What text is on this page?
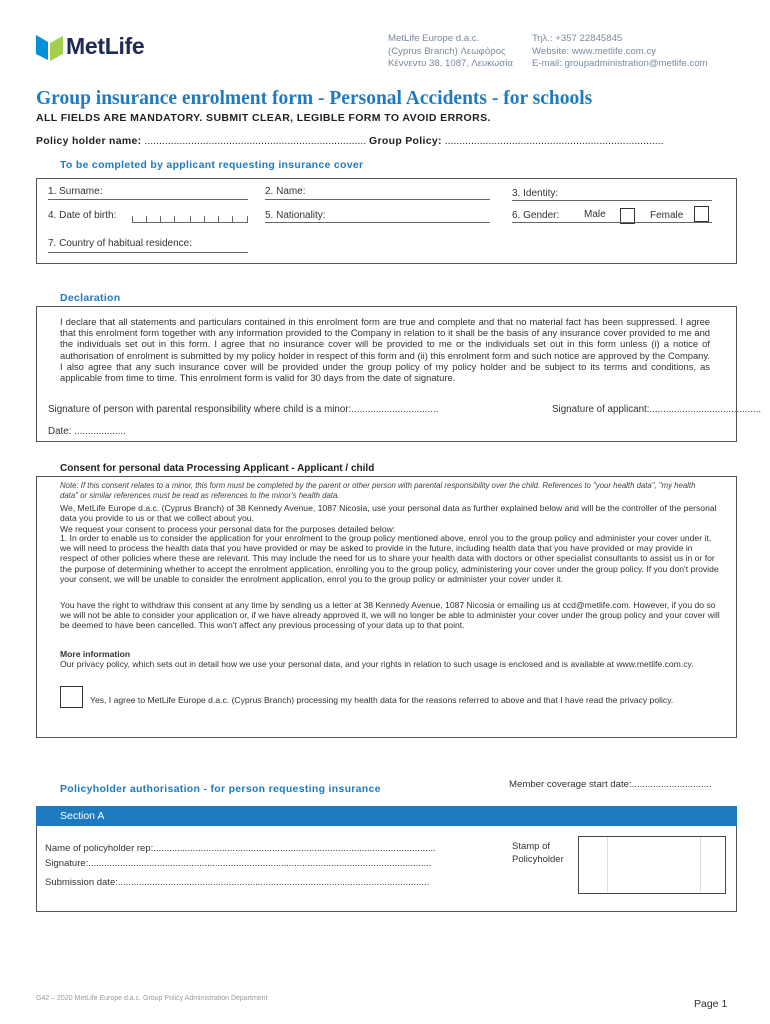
MetLife	MetLife Europe d.a.c.
(Cyprus Branch) Λεωφόρος
Κέννεντυ 38, 1087, Λευκωσία
Τηλ.: +357 22845845
Website: www.metlife.com.cy
E-mail: groupadministration@metlife.com
Group insurance enrolment form - Personal Accidents - for schools
ALL FIELDS ARE MANDATORY. SUBMIT CLEAR, LEGIBLE FORM TO AVOID ERRORS.
Policy holder name: ............................................................................ Group Policy: ...........................................................................
To be completed by applicant requesting insurance cover
1. Surname:	2. Name:	3. Identity:
4. Date of birth:	5. Nationality:	6. Gender: Male	Female
7. Country of habitual residence:
Declaration
I declare that all statements and particulars contained in this enrolment form are true and complete and that no material fact has been suppressed. I agree that this enrolment form together with any information provided to the Company in relation to it shall be the basis of any insurance cover provided to me and the individuals set out in this form. I agree that no insurance cover will be provided to me or the individuals set out in this form unless (i) a notice of authorisation of enrolment is submitted by my policy holder in respect of this form and (ii) this enrolment form and such notice are approved by the Company. I also agree that any such insurance cover will be provided under the group policy of my policy holder and be subject to its terms and conditions, as applicable from time to time. This enrolment form is valid for 30 days from the date of signature.
Signature of person with parental responsibility where child is a minor:................................	Signature of applicant:.........................................
Date: ...................
Consent for personal data Processing Applicant - Applicant / child
Note: If this consent relates to a minor, this form must be completed by the parent or other person with parental responsibility over the child. References to "your health data", "my health data" or similar references must be read as references to the minor's health data.
We, MetLife Europe d.a.c. (Cyprus Branch) of 38 Kennedy Avenue, 1087 Nicosia, use your personal data as further explained below and will be the controller of the personal data you provide to us or that we collect about you.
We request your consent to process your personal data for the purposes detailed below:
1. In order to enable us to consider the application for your enrolment to the group policy mentioned above, enrol you to the group policy and administer your cover under it, we will need to process the health data that you have provided or may be asked to provide in the future, including health data that you have provided or may provide in respect of other policies where these are relevant. This may include the need for us to share your health data with doctors or other specialist consultants to assist us in or for the purpose of determining whether to accept the enrolment application, enrolling you to the group policy, administering your cover under the group policy. If you don't provide your consent, we will be unable to consider the enrolment application, enrol you to the group policy or administer your cover under it.
You have the right to withdraw this consent at any time by sending us a letter at 38 Kennedy Avenue, 1087 Nicosia or emailing us at ccd@metlife.com. However, if you do so we will not be able to consider your application or, if we have already approved it, we will no longer be able to administer your cover under the group policy and your cover will be deemed to have been cancelled. This won't affect any previous processing of your data up to that point.
More information
Our privacy policy, which sets out in detail how we use your personal data, and your rights in relation to such usage is enclosed and is available at www.metlife.com.cy.
Yes, I agree to MetLife Europe d.a.c. (Cyprus Branch) processing my health data for the reasons referred to above and that I have read the privacy policy.
Policyholder authorisation - for person requesting insurance	Member coverage start date:..............................
Section A
Name of policyholder rep:...........................................................................................................
Signature:..................................................................................................................................
Submission date:......................................................................................................................
Stamp of Policyholder
G42 – 2020 MetLife Europe d.a.c. Group Policy Administration Department	Page 1
